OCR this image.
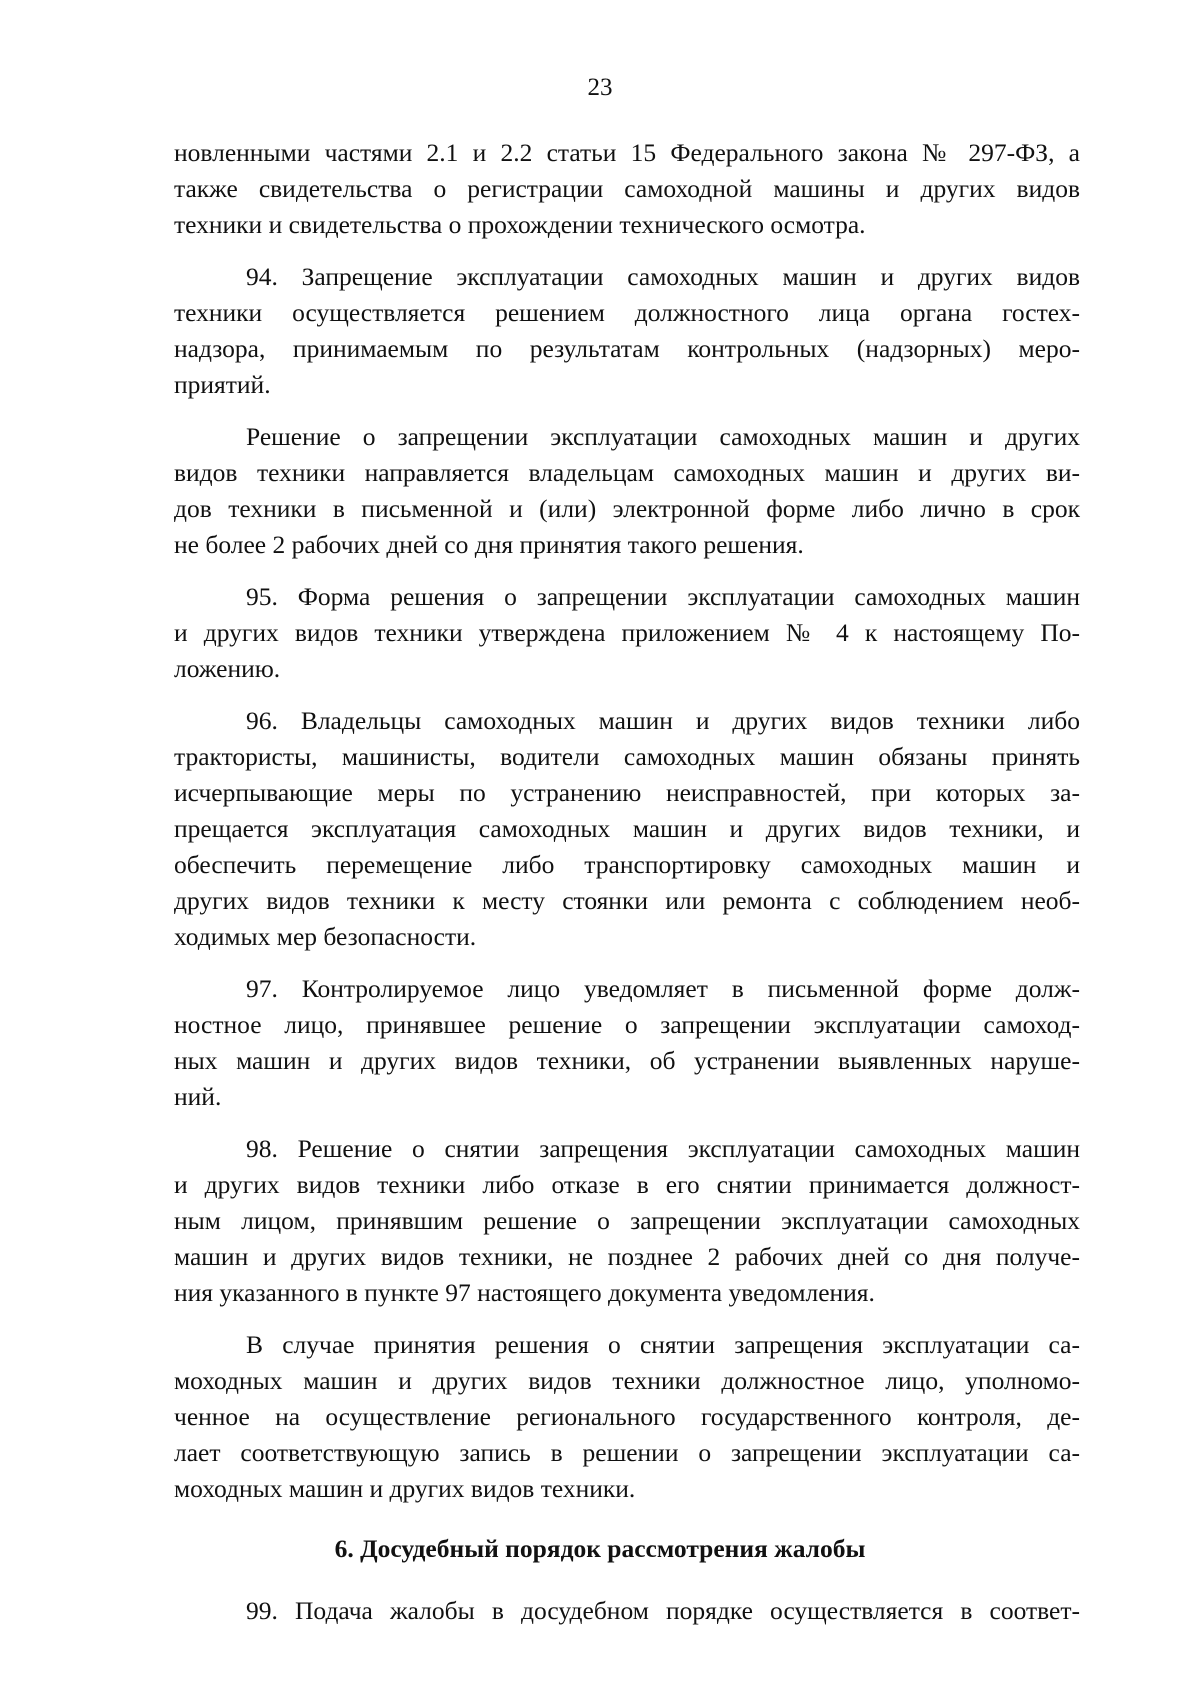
23
новленными частями 2.1 и 2.2 статьи 15 Федерального закона № 297-ФЗ, а
также свидетельства о регистрации самоходной машины и других видов
техники и свидетельства о прохождении технического осмотра.
94. Запрещение эксплуатации самоходных машин и других видов
техники осуществляется решением должностного лица органа гостех-
надзора, принимаемым по результатам контрольных (надзорных) меро-
приятий.
Решение о запрещении эксплуатации самоходных машин и других
видов техники направляется владельцам самоходных машин и других ви-
дов техники в письменной и (или) электронной форме либо лично в срок
не более 2 рабочих дней со дня принятия такого решения.
95. Форма решения о запрещении эксплуатации самоходных машин
и других видов техники утверждена приложением № 4 к настоящему По-
ложению.
96. Владельцы самоходных машин и других видов техники либо
трактористы, машинисты, водители самоходных машин обязаны принять
исчерпывающие меры по устранению неисправностей, при которых за-
прещается эксплуатация самоходных машин и других видов техники, и
обеспечить перемещение либо транспортировку самоходных машин и
других видов техники к месту стоянки или ремонта с соблюдением необ-
ходимых мер безопасности.
97. Контролируемое лицо уведомляет в письменной форме долж-
ностное лицо, принявшее решение о запрещении эксплуатации самоход-
ных машин и других видов техники, об устранении выявленных наруше-
ний.
98. Решение о снятии запрещения эксплуатации самоходных машин
и других видов техники либо отказе в его снятии принимается должност-
ным лицом, принявшим решение о запрещении эксплуатации самоходных
машин и других видов техники, не позднее 2 рабочих дней со дня получе-
ния указанного в пункте 97 настоящего документа уведомления.
В случае принятия решения о снятии запрещения эксплуатации са-
моходных машин и других видов техники должностное лицо, уполномо-
ченное на осуществление регионального государственного контроля, де-
лает соответствующую запись в решении о запрещении эксплуатации са-
моходных машин и других видов техники.
6. Досудебный порядок рассмотрения жалобы
99. Подача жалобы в досудебном порядке осуществляется в соответ-
